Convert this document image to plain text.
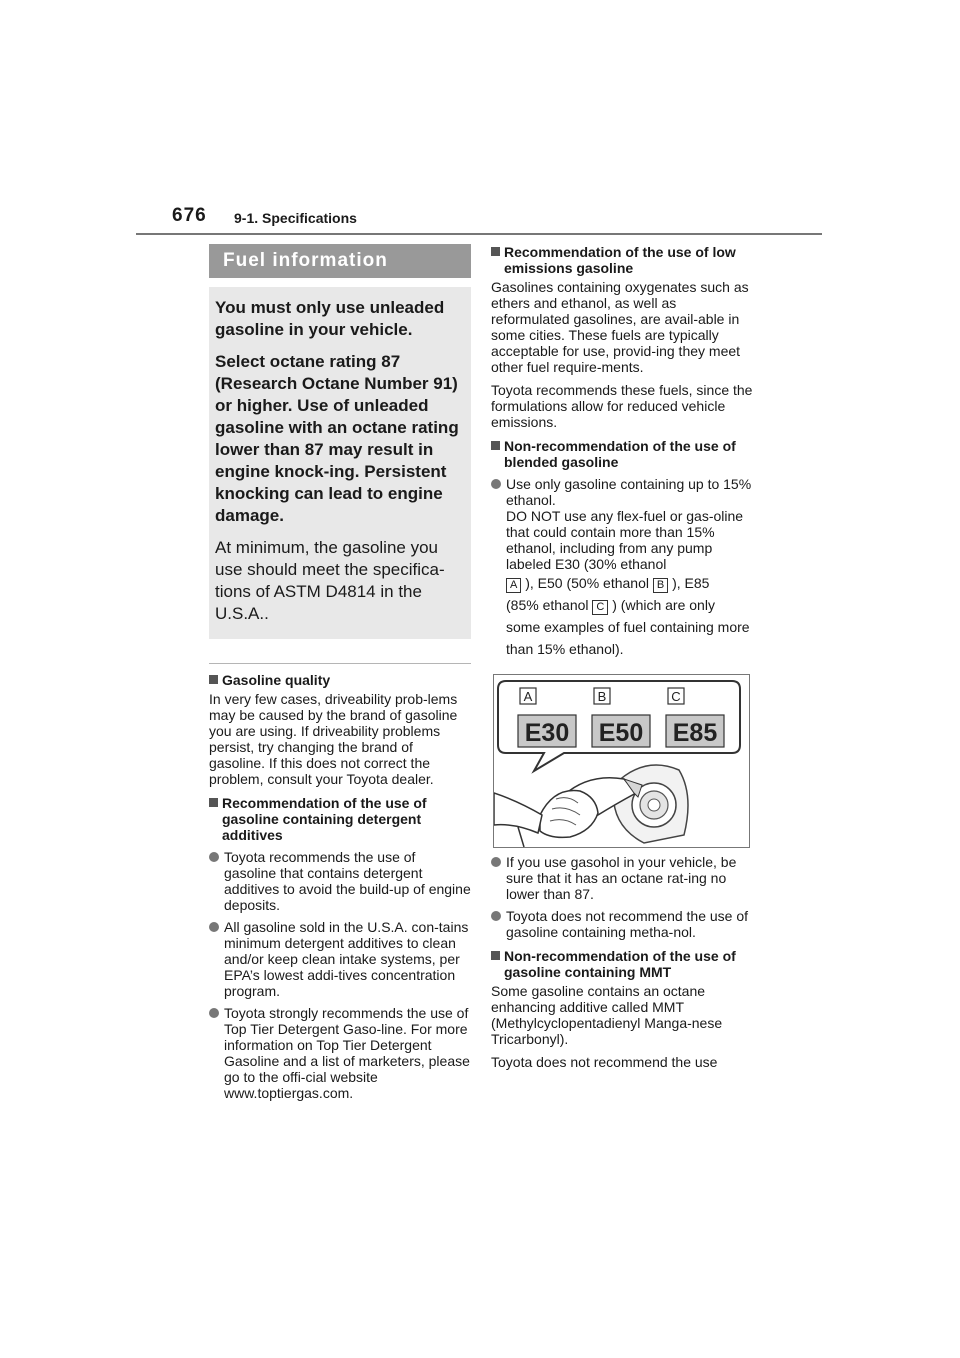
676 9-1. Specifications
Fuel information

You must only use unleaded gasoline in your vehicle.

Select octane rating 87 (Research Octane Number 91) or higher. Use of unleaded gasoline with an octane rating lower than 87 may result in engine knock-ing. Persistent knocking can lead to engine damage.

At minimum, the gasoline you use should meet the specifica-tions of ASTM D4814 in the U.S.A..

Gasoline quality

In very few cases, driveability prob-lems may be caused by the brand of gasoline you are using. If driveability problems persist, try changing the brand of gasoline. If this does not correct the problem, consult your Toyota dealer.

Recommendation of the use of gasoline containing detergent additives
Toyota recommends the use of gasoline that contains detergent additives to avoid the build-up of engine deposits.
All gasoline sold in the U.S.A. con-tains minimum detergent additives to clean and/or keep clean intake systems, per EPA’s lowest addi-tives concentration program.
Toyota strongly recommends the use of Top Tier Detergent Gaso-line. For more information on Top Tier Detergent Gasoline and a list of marketers, please go to the offi-cial website www.toptiergas.com.
Recommendation of the use of low emissions gasoline

Gasolines containing oxygenates such as ethers and ethanol, as well as reformulated gasolines, are avail-able in some cities. These fuels are typically acceptable for use, provid-ing they meet other fuel require-ments.

Toyota recommends these fuels, since the formulations allow for reduced vehicle emissions.

Non-recommendation of the use of blended gasoline
Use only gasoline containing up to 15% ethanol.
DO NOT use any flex-fuel or gas-oline that could contain more than 15% ethanol, including from any pump labeled E30 (30% ethanol
A ), E50 (50% ethanol B ), E85
(85% ethanol C ) (which are only some examples of fuel containing more than 15% ethanol).
A	B	C
E30 E50 E85
If you use gasohol in your vehicle, be sure that it has an octane rat-ing no lower than 87.
Toyota does not recommend the use of gasoline containing metha-nol.
Non-recommendation of the use of gasoline containing MMT

Some gasoline contains an octane enhancing additive called MMT (Methylcyclopentadienyl Manga-nese Tricarbonyl).

Toyota does not recommend the use
